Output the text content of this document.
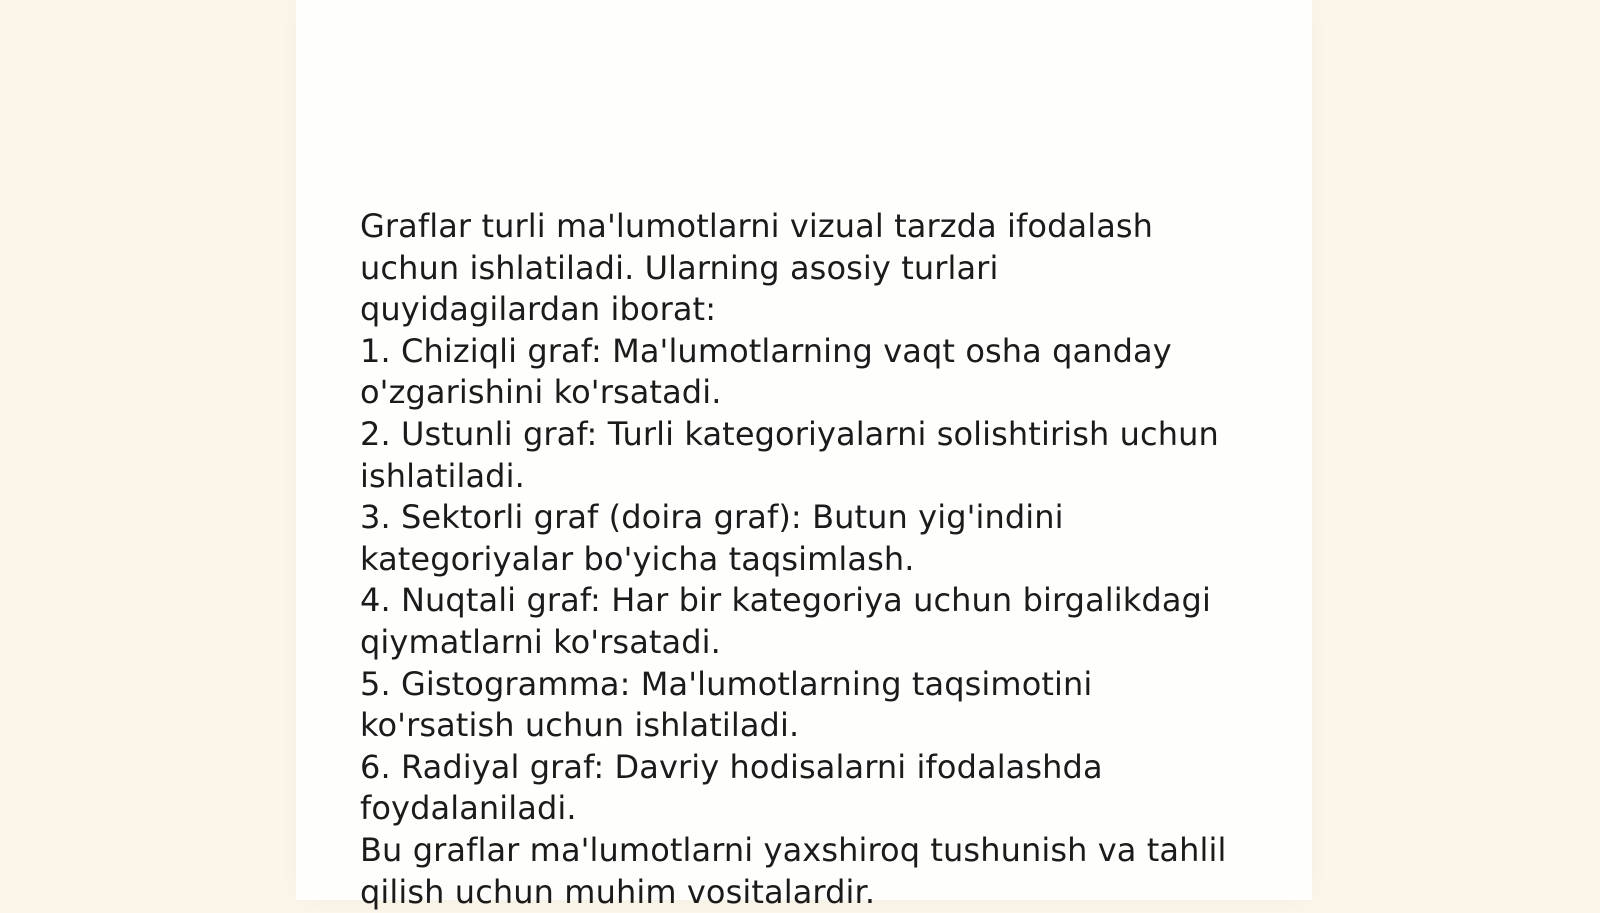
Graflar turli ma'lumotlarni vizual tarzda ifodalash
uchun ishlatiladi. Ularning asosiy turlari
quyidagilardan iborat:
1. Chiziqli graf: Ma'lumotlarning vaqt osha qanday
o'zgarishini ko'rsatadi.
2. Ustunli graf: Turli kategoriyalarni solishtirish uchun
ishlatiladi.
3. Sektorli graf (doira graf): Butun yig'indini
kategoriyalar bo'yicha taqsimlash.
4. Nuqtali graf: Har bir kategoriya uchun birgalikdagi
qiymatlarni ko'rsatadi.
5. Gistogramma: Ma'lumotlarning taqsimotini
ko'rsatish uchun ishlatiladi.
6. Radiyal graf: Davriy hodisalarni ifodalashda
foydalaniladi.
Bu graflar ma'lumotlarni yaxshiroq tushunish va tahlil
qilish uchun muhim vositalardir.
